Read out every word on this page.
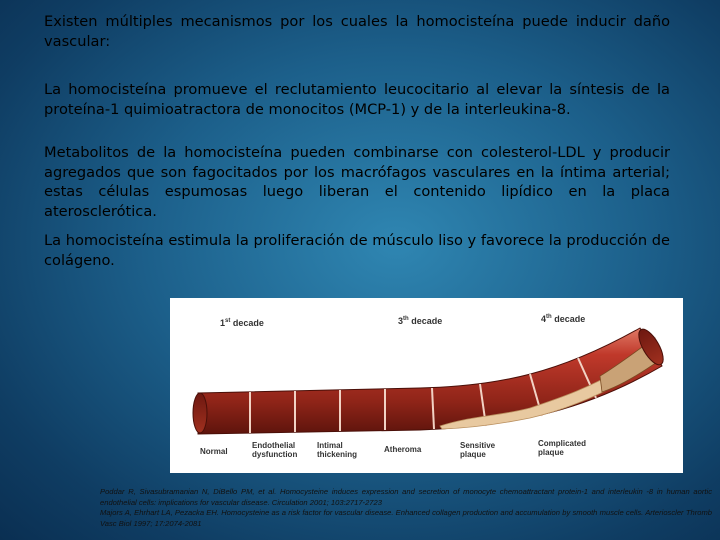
Existen múltiples mecanismos por los cuales la homocisteína puede inducir daño vascular:
La homocisteína promueve el reclutamiento leucocitario al elevar la síntesis de la proteína-1 quimioatractora de monocitos (MCP-1) y de la interleukina-8.
Metabolitos de la homocisteína pueden combinarse con colesterol-LDL y producir agregados que son fagocitados por los macrófagos vasculares en la íntima arterial; estas células espumosas luego liberan el contenido lipídico en la placa aterosclerótica.
La homocisteína estimula la proliferación de músculo liso y favorece la producción de colágeno.
1st decade	3th decade	4th decade
Normal
Endothelial
dysfunction
Intimal
thickening
Atheroma	Sensitive
plaque
Complicated
plaque
Poddar R, Sivasubramanian N, DiBello PM, et al. Homocysteine induces expression and secretion of monocyte chemoattractant protein-1 and interleukin -8 in human aortic endothelial cells: implications for vascular disease. Circulation 2001; 103:2717-2723
Majors A, Ehrhart LA, Pezacka EH. Homocysteine as a risk factor for vascular disease. Enhanced collagen production and accumulation by smooth muscle cells. Arterioscler Thromb Vasc Biol 1997; 17:2074-2081
